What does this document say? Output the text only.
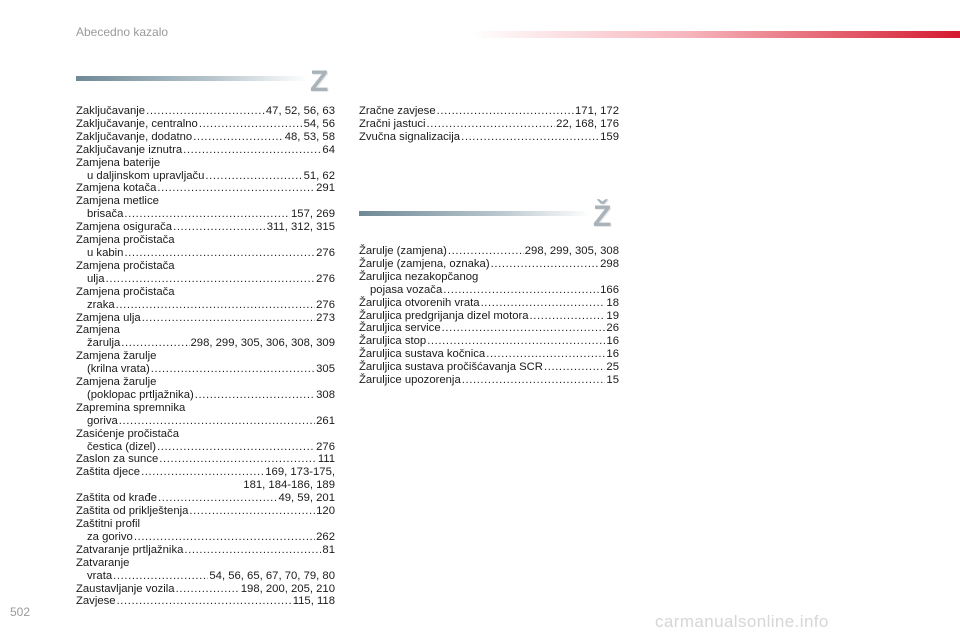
Abecedno kazalo
Z
Zaključavanje .....	47, 52, 56, 63
Zaključavanje, centralno .....	54, 56
Zaključavanje, dodatno .....	48, 53, 58
Zaključavanje iznutra .....	64
Zamjena baterije
u daljinskom upravljaču .....	51, 62
Zamjena kotača .....	291
Zamjena metlice
brisača .....	157, 269
Zamjena osigurača .....	311, 312, 315
Zamjena pročistača
u kabin .....	276
Zamjena pročistača
ulja .....	276
Zamjena pročistača
zraka .....	276
Zamjena ulja .....	273
Zamjena
žarulja .....	298, 299, 305, 306, 308, 309
Zamjena žarulje
(krilna vrata) .....	305
Zamjena žarulje
(poklopac prtljažnika) .....	308
Zapremina spremnika
goriva .....	261
Zasićenje pročistača
čestica (dizel) .....	276
Zaslon za sunce .....	111
Zaštita djece .....	169, 173-175,
181, 184-186, 189
Zaštita od krađe .....	49, 59, 201
Zaštita od priklještenja .....	120
Zaštitni profil
za gorivo .....	262
Zatvaranje prtljažnika .....	81
Zatvaranje
vrata .....	54, 56, 65, 67, 70, 79, 80
Zaustavljanje vozila .....	198, 200, 205, 210
Zavjese .....	115, 118
Zračne zavjese .....	171, 172
Zračni jastuci .....	22, 168, 176
Zvučna signalizacija .....	159
Ž
Žarulje (zamjena) .....	298, 299, 305, 308
Žarulje (zamjena, oznaka) .....	298
Žaruljica nezakopčanog
pojasa vozača .....	166
Žaruljica otvorenih vrata .....	18
Žaruljica predgrijanja dizel motora .....	19
Žaruljica service .....	26
Žaruljica stop .....	16
Žaruljica sustava kočnica .....	16
Žaruljica sustava pročišćavanja SCR .....	25
Žaruljice upozorenja .....	15
502	carmanualsonline.info
